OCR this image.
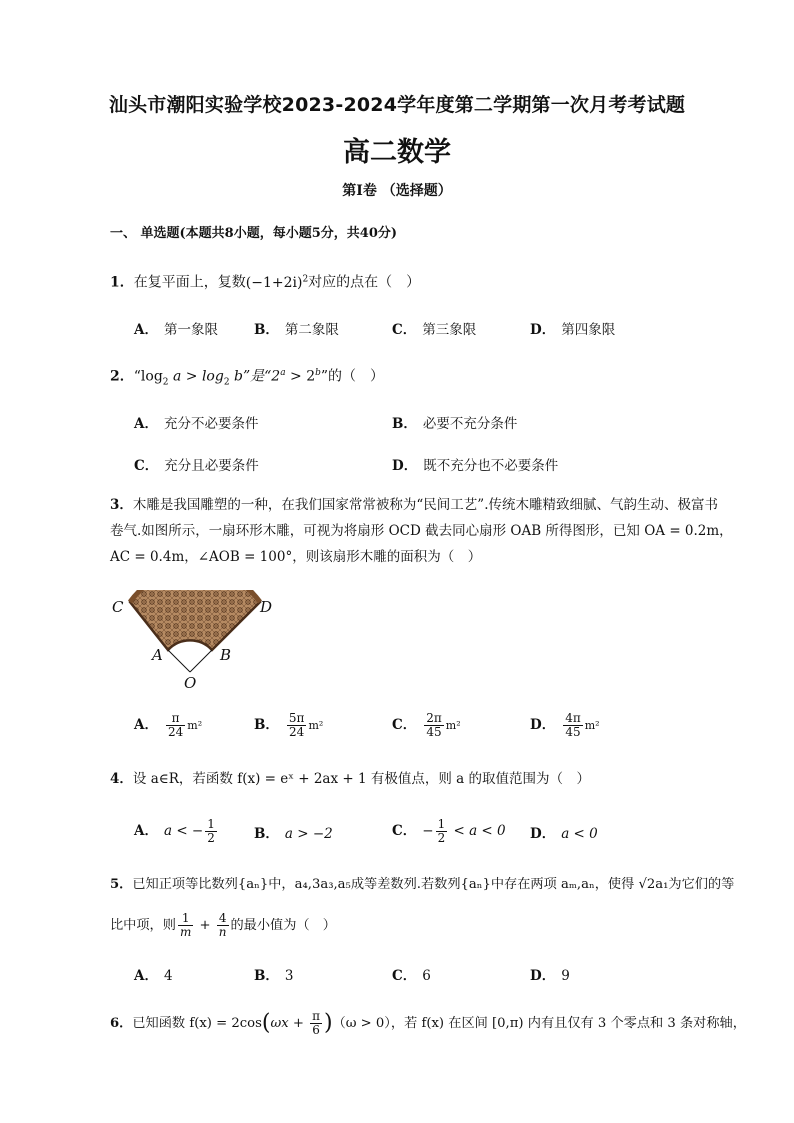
汕头市潮阳实验学校2023-2024学年度第二学期第一次月考考试题
高二数学
第Ⅰ卷 （选择题）
一、 单选题(本题共8小题，每小题5分，共40分)
1．在复平面上，复数$(-1+2i)^2$对应的点在（　）
A． 第一象限	B． 第二象限	C． 第三象限	D． 第四象限
2．“$\log_2$ $a > \log_2 b$”是“$2^a > 2^b$”的（　）
A． 充分不必要条件	B． 必要不充分条件
C． 充分且必要条件	D． 既不充分也不必要条件
3．木雕是我国雕塑的一种，在我们国家常常被称为“民间工艺”.传统木雕精致细腻、气韵生动、极富书
卷气.如图所示，一扇环形木雕，可视为将扇形 OCD 截去同心扇形 OAB 所得图形，已知 OA = 0.2m，
AC = 0.4m，∠AOB = 100°，则该扇形木雕的面积为（　）
C	D
A	B
O
A． $\frac{\pi}{24} m^2$	B． $\frac{5\pi}{24} m^2$	C． $\frac{2\pi}{45} m^2$	D． $\frac{4\pi}{45} m^2$
4．设 a∈R，若函数 f(x) = eˣ + 2ax + 1 有极值点，则 a 的取值范围为（　）
A． a < − $\frac{1}{2}$	B． a > −2	C． − $\frac{1}{2} < a < 0$ D． a < 0
5．已知正项等比数列{aₙ}中，a₄,3a₃,a₅成等差数列.若数列{aₙ}中存在两项 aₘ,aₙ，使得 √2a₁为它们的等
比中项，则 $\frac{1}{m} + \frac{4}{n}$ 的最小值为（　）
A． 4	B． 3	C． 6	D． 9
6．已知函数 $f(x) = 2\cos(\omega x + \frac{\pi}{6} )(\omega > 0)$，若 f(x) 在区间 [0,π) 内有且仅有 3 个零点和 3 条对称轴，
